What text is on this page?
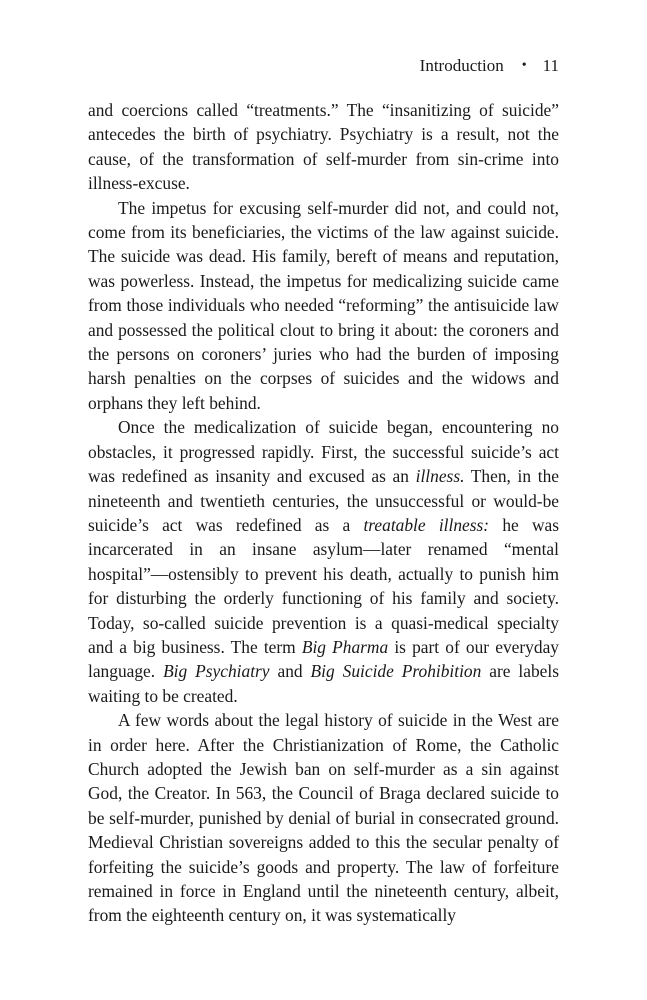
Introduction • 11

and coercions called “treatments.” The “insanitizing of suicide” antecedes the birth of psychiatry. Psychiatry is a result, not the cause, of the transformation of self-murder from sin-crime into illness-excuse.

The impetus for excusing self-murder did not, and could not, come from its beneficiaries, the victims of the law against suicide. The suicide was dead. His family, bereft of means and reputation, was powerless. Instead, the impetus for medicalizing suicide came from those individuals who needed “reforming” the antisuicide law and possessed the political clout to bring it about: the coroners and the persons on coroners’ juries who had the burden of imposing harsh penalties on the corpses of suicides and the widows and orphans they left behind.

Once the medicalization of suicide began, encountering no obstacles, it progressed rapidly. First, the successful suicide’s act was redefined as insanity and excused as an illness. Then, in the nineteenth and twentieth centuries, the unsuccessful or would-be suicide’s act was redefined as a treatable illness: he was incarcerated in an insane asylum—later renamed “mental hospital”—ostensibly to prevent his death, actually to punish him for disturbing the orderly functioning of his family and society. Today, so-called suicide prevention is a quasi-medical specialty and a big business. The term Big Pharma is part of our everyday language. Big Psychiatry and Big Suicide Prohibition are labels waiting to be created.

A few words about the legal history of suicide in the West are in order here. After the Christianization of Rome, the Catholic Church adopted the Jewish ban on self-murder as a sin against God, the Creator. In 563, the Council of Braga declared suicide to be self-murder, punished by denial of burial in consecrated ground. Medieval Christian sovereigns added to this the secular penalty of forfeiting the suicide’s goods and property. The law of forfeiture remained in force in England until the nineteenth century, albeit, from the eighteenth century on, it was systematically
